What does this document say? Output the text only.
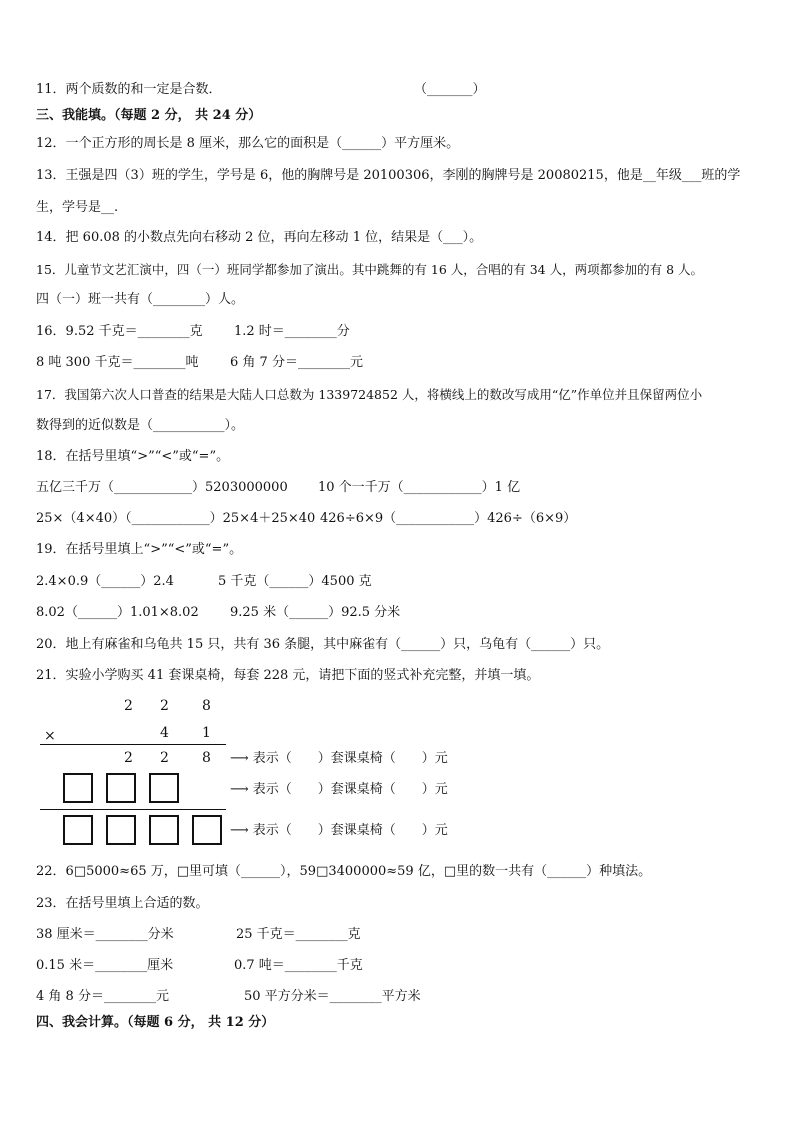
11．两个质数的和一定是合数．	（_______）
三、我能填。（每题 2 分， 共 24 分）
12．一个正方形的周长是 8 厘米，那么它的面积是（______）平方厘米。
13．王强是四（3）班的学生，学号是 6，他的胸牌号是 20100306，李刚的胸牌号是 20080215，他是__年级___班的学
生，学号是__.
14．把 60.08 的小数点先向右移动 2 位，再向左移动 1 位，结果是（___）。
15．儿童节文艺汇演中，四（一）班同学都参加了演出。其中跳舞的有 16 人，合唱的有 34 人，两项都参加的有 8 人。
四（一）班一共有（________）人。
16．9.52 千克＝________克 1.2 时＝________分
8 吨 300 千克＝________吨 6 角 7 分＝________元
17．我国第六次人口普查的结果是大陆人口总数为 1339724852 人，将横线上的数改写成用“亿”作单位并且保留两位小
数得到的近似数是（___________）。
18．在括号里填“>”“<”或“=”。
五亿三千万（____________）5203000000 10 个一千万（____________）1 亿
25×（4×40）（____________）25×4＋25×40 426÷6×9（____________）426÷（6×9）
19．在括号里填上“>”“<”或“=”。
2.4×0.9（______）2.4	5 千克（______）4500 克
8.02（______）1.01×8.02 9.25 米（______）92.5 分米
20．地上有麻雀和乌龟共 15 只，共有 36 条腿，其中麻雀有（______）只，乌龟有（______）只。
21．实验小学购买 41 套课桌椅，每套 228 元，请把下面的竖式补充完整，并填一填。
2 2 8
×	4 1
2 2 8 ⟶ 表示（　　）套课桌椅（　　）元
⟶ 表示（　　）套课桌椅（　　）元
⟶ 表示（　　）套课桌椅（　　）元
22．6□5000≈65 万，□里可填（______），59□3400000≈59 亿，□里的数一共有（______）种填法。
23．在括号里填上合适的数。
38 厘米＝________分米	25 千克＝________克
0.15 米＝________厘米	0.7 吨＝________千克
4 角 8 分＝________元	50 平方分米＝________平方米
四、我会计算。（每题 6 分， 共 12 分）
